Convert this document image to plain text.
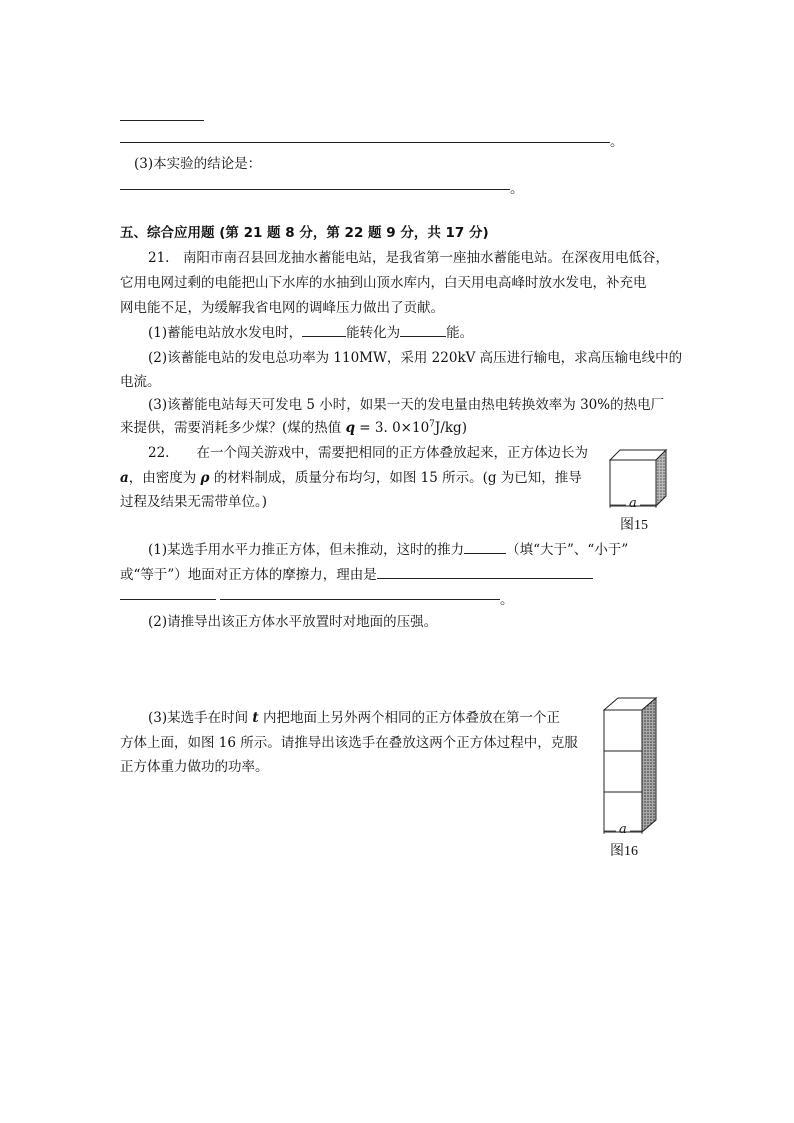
。
(3)本实验的结论是：
。
五、综合应用题 (第 21 题 8 分，第 22 题 9 分，共 17 分)
21.　南阳市南召县回龙抽水蓄能电站，是我省第一座抽水蓄能电站。在深夜用电低谷，
它用电网过剩的电能把山下水库的水抽到山顶水库内，白天用电高峰时放水发电，补充电
网电能不足，为缓解我省电网的调峰压力做出了贡献。
(1)蓄能电站放水发电时，	能转化为	能。
(2)该蓄能电站的发电总功率为 110MW，采用 220kV 高压进行输电，求高压输电线中的
电流。
(3)该蓄能电站每天可发电 5 小时，如果一天的发电量由热电转换效率为 30%的热电厂
来提供，需要消耗多少煤？(煤的热值 q = 3. $0\times 10^7J/kg$)
22.　　在一个闯关游戏中，需要把相同的正方体叠放起来，正方体边长为
a，由密度为 ρ 的材料制成，质量分布均匀，如图 15 所示。(g 为已知，推导
过程及结果无需带单位。)	a
图15
(1)某选手用水平力推正方体，但未推动，这时的推力	（填“大于”、“小于”
或“等于”）地面对正方体的摩擦力，理由是
。
(2)请推导出该正方体水平放置时对地面的压强。
(3)某选手在时间 t 内把地面上另外两个相同的正方体叠放在第一个正
方体上面，如图 16 所示。请推导出该选手在叠放这两个正方体过程中，克服
正方体重力做功的功率。
a
图16
